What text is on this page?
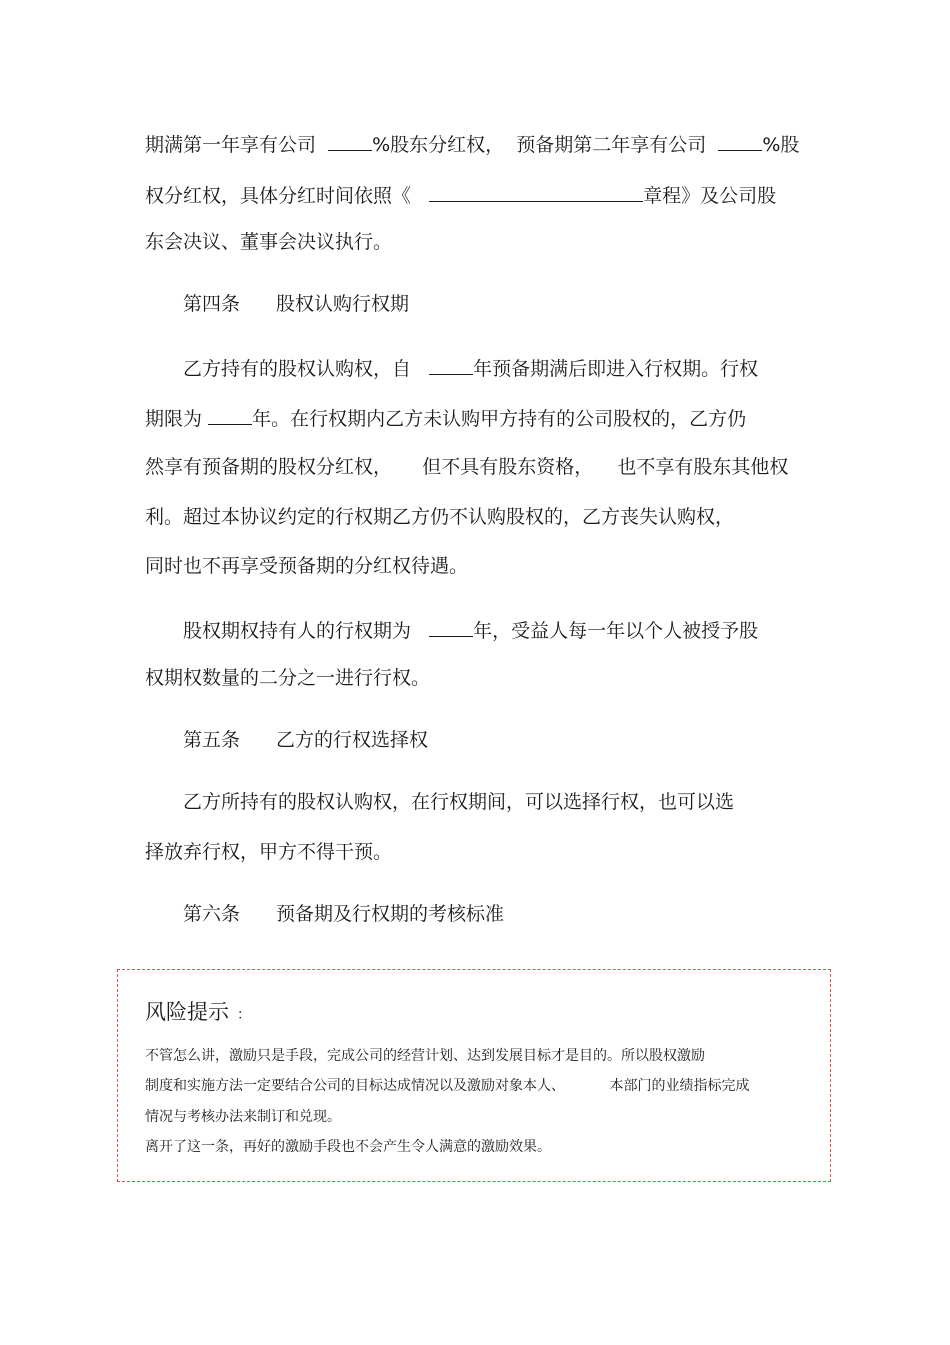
期满第一年享有公司	%股东分红权， 预备期第二年享有公司	%股
权分红权，具体分红时间依照《	章程》及公司股
东会决议、董事会决议执行。
第四条 股权认购行权期
乙方持有的股权认购权，自	年预备期满后即进入行权期。行权
期限为	年。在行权期内乙方未认购甲方持有的公司股权的，乙方仍
然享有预备期的股权分红权， 但不具有股东资格， 也不享有股东其他权
利。超过本协议约定的行权期乙方仍不认购股权的，乙方丧失认购权，
同时也不再享受预备期的分红权待遇。
股权期权持有人的行权期为	年，受益人每一年以个人被授予股
权期权数量的二分之一进行行权。
第五条 乙方的行权选择权
乙方所持有的股权认购权，在行权期间，可以选择行权，也可以选
择放弃行权，甲方不得干预。
第六条 预备期及行权期的考核标准
风险提示 ：
不管怎么讲，激励只是手段，完成公司的经营计划、达到发展目标才是目的。所以股权激励
制度和实施方法一定要结合公司的目标达成情况以及激励对象本人、	本部门的业绩指标完成
情况与考核办法来制订和兑现。
离开了这一条，再好的激励手段也不会产生令人满意的激励效果。
